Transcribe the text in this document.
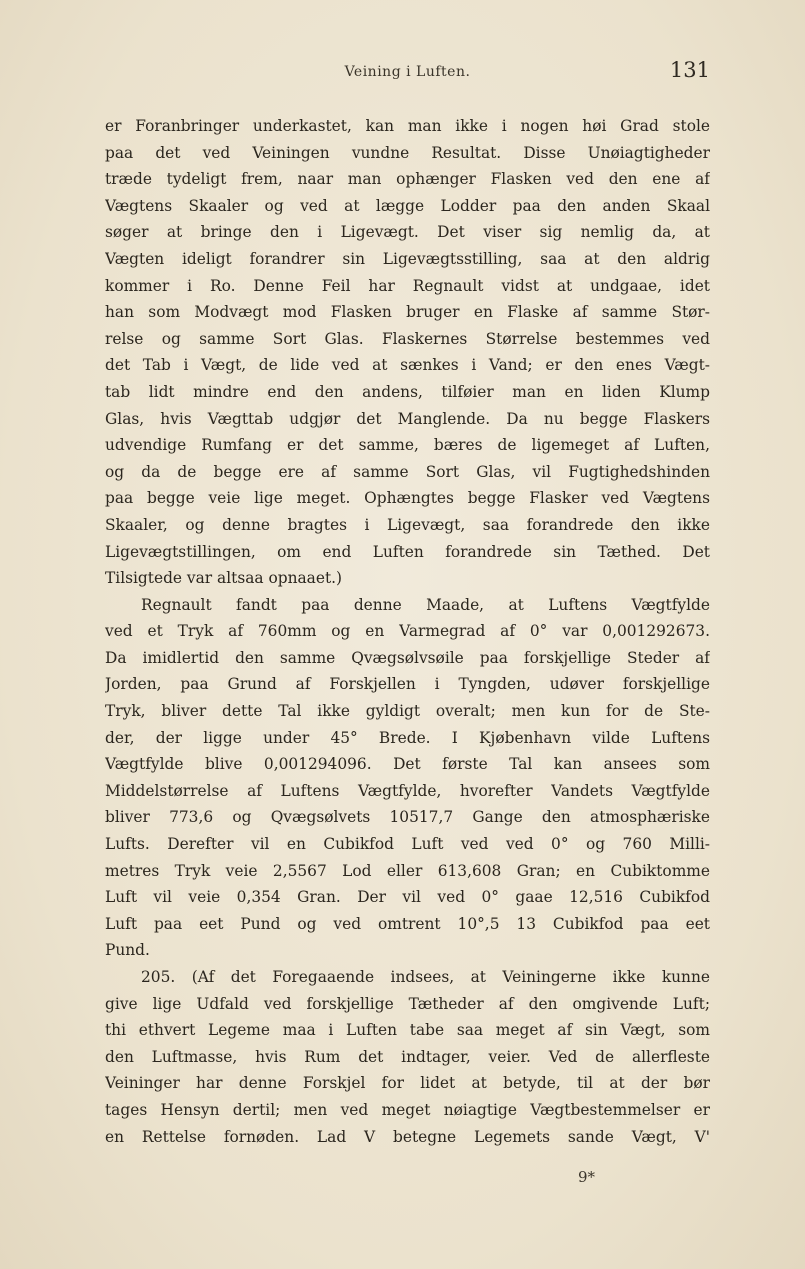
Veining i Luften.	131
er Foranbringer underkastet, kan man ikke i nogen høi Grad stole
paa det ved Veiningen vundne Resultat. Disse Unøiagtigheder
træde tydeligt frem, naar man ophænger Flasken ved den ene af
Vægtens Skaaler og ved at lægge Lodder paa den anden Skaal
søger at bringe den i Ligevægt. Det viser sig nemlig da, at
Vægten ideligt forandrer sin Ligevægtsstilling, saa at den aldrig
kommer i Ro. Denne Feil har Regnault vidst at undgaae, idet
han som Modvægt mod Flasken bruger en Flaske af samme Stør-
relse og samme Sort Glas. Flaskernes Størrelse bestemmes ved
det Tab i Vægt, de lide ved at sænkes i Vand; er den enes Vægt-
tab lidt mindre end den andens, tilføier man en liden Klump
Glas, hvis Vægttab udgjør det Manglende. Da nu begge Flaskers
udvendige Rumfang er det samme, bæres de ligemeget af Luften,
og da de begge ere af samme Sort Glas, vil Fugtighedshinden
paa begge veie lige meget. Ophængtes begge Flasker ved Vægtens
Skaaler, og denne bragtes i Ligevægt, saa forandrede den ikke
Ligevægtstillingen, om end Luften forandrede sin Tæthed. Det
Tilsigtede var altsaa opnaaet.)
Regnault fandt paa denne Maade, at Luftens Vægtfylde
ved et Tryk af 760mm og en Varmegrad af 0° var 0,001292673.
Da imidlertid den samme Qvægsølvsøile paa forskjellige Steder af
Jorden, paa Grund af Forskjellen i Tyngden, udøver forskjellige
Tryk, bliver dette Tal ikke gyldigt overalt; men kun for de Ste-
der, der ligge under 45° Brede. I Kjøbenhavn vilde Luftens
Vægtfylde blive 0,001294096. Det første Tal kan ansees som
Middelstørrelse af Luftens Vægtfylde, hvorefter Vandets Vægtfylde
bliver 773,6 og Qvægsølvets 10517,7 Gange den atmosphæriske
Lufts. Derefter vil en Cubikfod Luft ved ved 0° og 760 Milli-
metres Tryk veie 2,5567 Lod eller 613,608 Gran; en Cubiktomme
Luft vil veie 0,354 Gran. Der vil ved 0° gaae 12,516 Cubikfod
Luft paa eet Pund og ved omtrent 10°,5 13 Cubikfod paa eet
Pund.
205. (Af det Foregaaende indsees, at Veiningerne ikke kunne
give lige Udfald ved forskjellige Tætheder af den omgivende Luft;
thi ethvert Legeme maa i Luften tabe saa meget af sin Vægt, som
den Luftmasse, hvis Rum det indtager, veier. Ved de allerfleste
Veininger har denne Forskjel for lidet at betyde, til at der bør
tages Hensyn dertil; men ved meget nøiagtige Vægtbestemmelser er
en Rettelse fornøden. Lad V betegne Legemets sande Vægt, V'
9*
